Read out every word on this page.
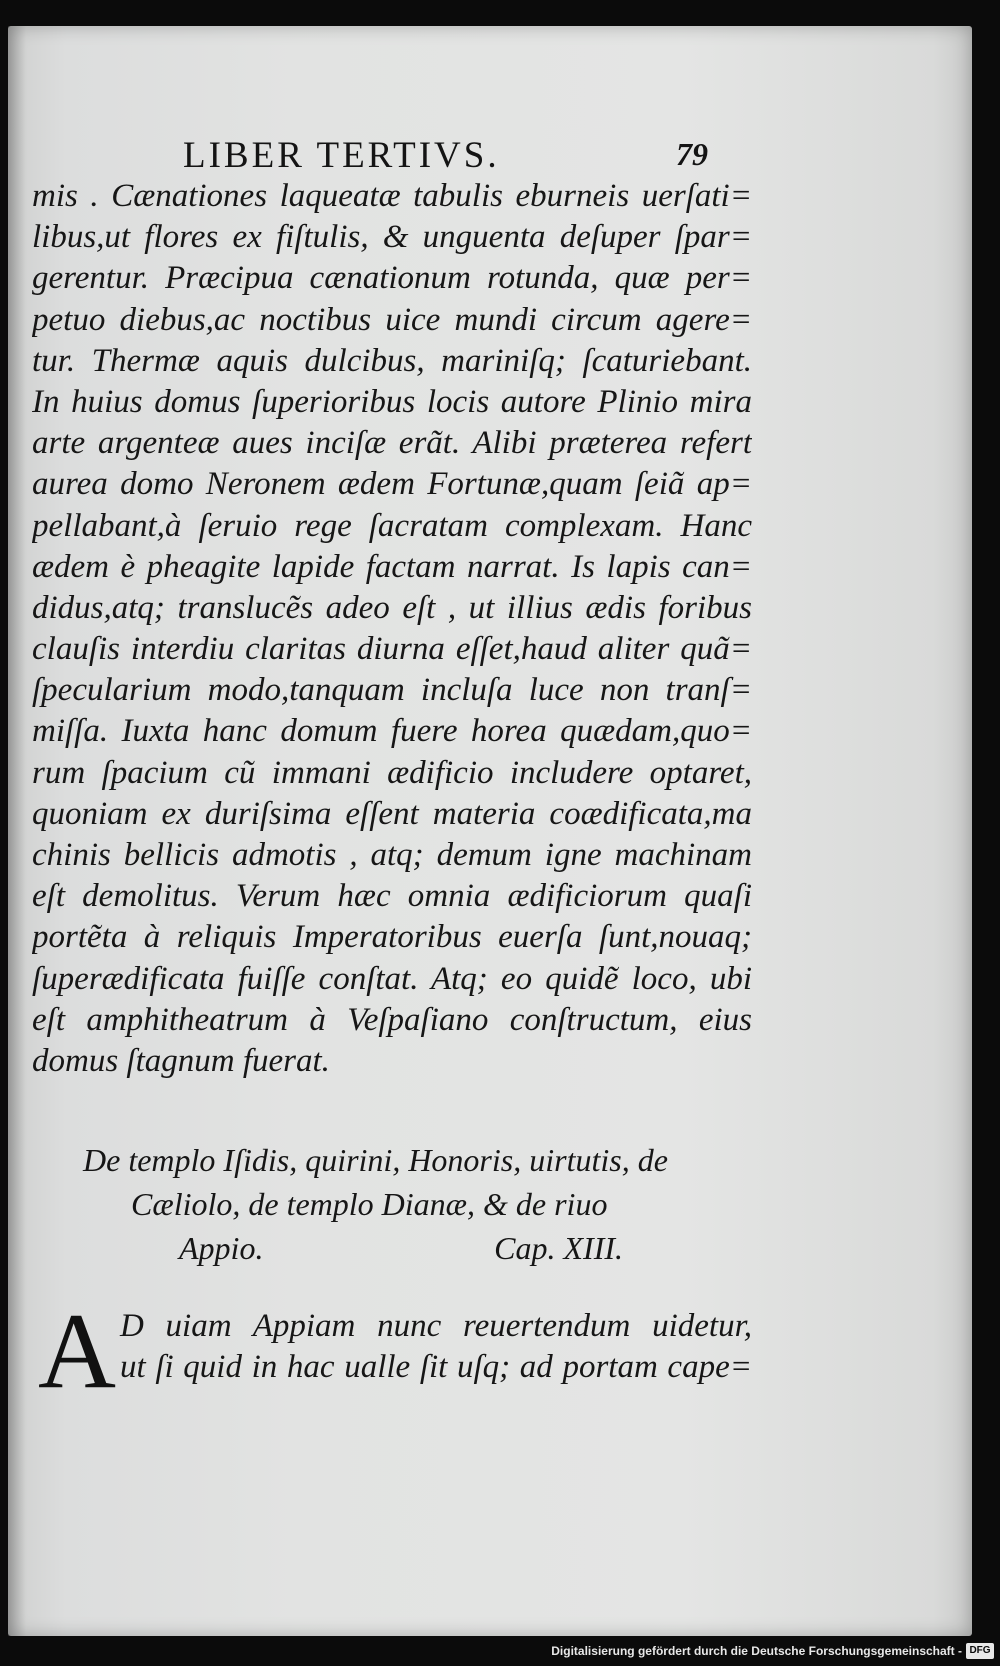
LIBER TERTIVS.	79
mis . Cænationes laqueatæ tabulis eburneis uerſati=
libus,ut flores ex fiſtulis, & unguenta deſuper ſpar=
gerentur. Præcipua cænationum rotunda, quæ per=
petuo diebus,ac noctibus uice mundi circum agere=
tur. Thermæ aquis dulcibus, mariniſq; ſcaturiebant.
In huius domus ſuperioribus locis autore Plinio mira
arte argenteæ aues inciſæ erãt. Alibi præterea refert
aurea domo Neronem ædem Fortunæ,quam ſeiã ap=
pellabant,à ſeruio rege ſacratam complexam. Hanc
ædem è pheagite lapide factam narrat. Is lapis can=
didus,atq; translucẽs adeo eſt , ut illius ædis foribus
clauſis interdiu claritas diurna eſſet,haud aliter quã=
ſpecularium modo,tanquam incluſa luce non tranſ=
miſſa. Iuxta hanc domum fuere horea quædam,quo=
rum ſpacium cũ immani ædificio includere optaret,
quoniam ex duriſsima eſſent materia coædificata,ma
chinis bellicis admotis , atq; demum igne machinam
eſt demolitus. Verum hæc omnia ædificiorum quaſi
portẽta à reliquis Imperatoribus euerſa ſunt,nouaq;
ſuperædificata fuiſſe conſtat. Atq; eo quidẽ loco, ubi
eſt amphitheatrum à Veſpaſiano conſtructum, eius
domus ſtagnum fuerat.
De templo Iſidis, quirini, Honoris, uirtutis, de
Cæliolo, de templo Dianæ, & de riuo
Appio.	Cap. XIII.
A D uiam Appiam nunc reuertendum uidetur,
ut ſi quid in hac ualle ſit uſq; ad portam cape=
Digitalisierung gefördert durch die Deutsche Forschungsgemeinschaft - DFG
